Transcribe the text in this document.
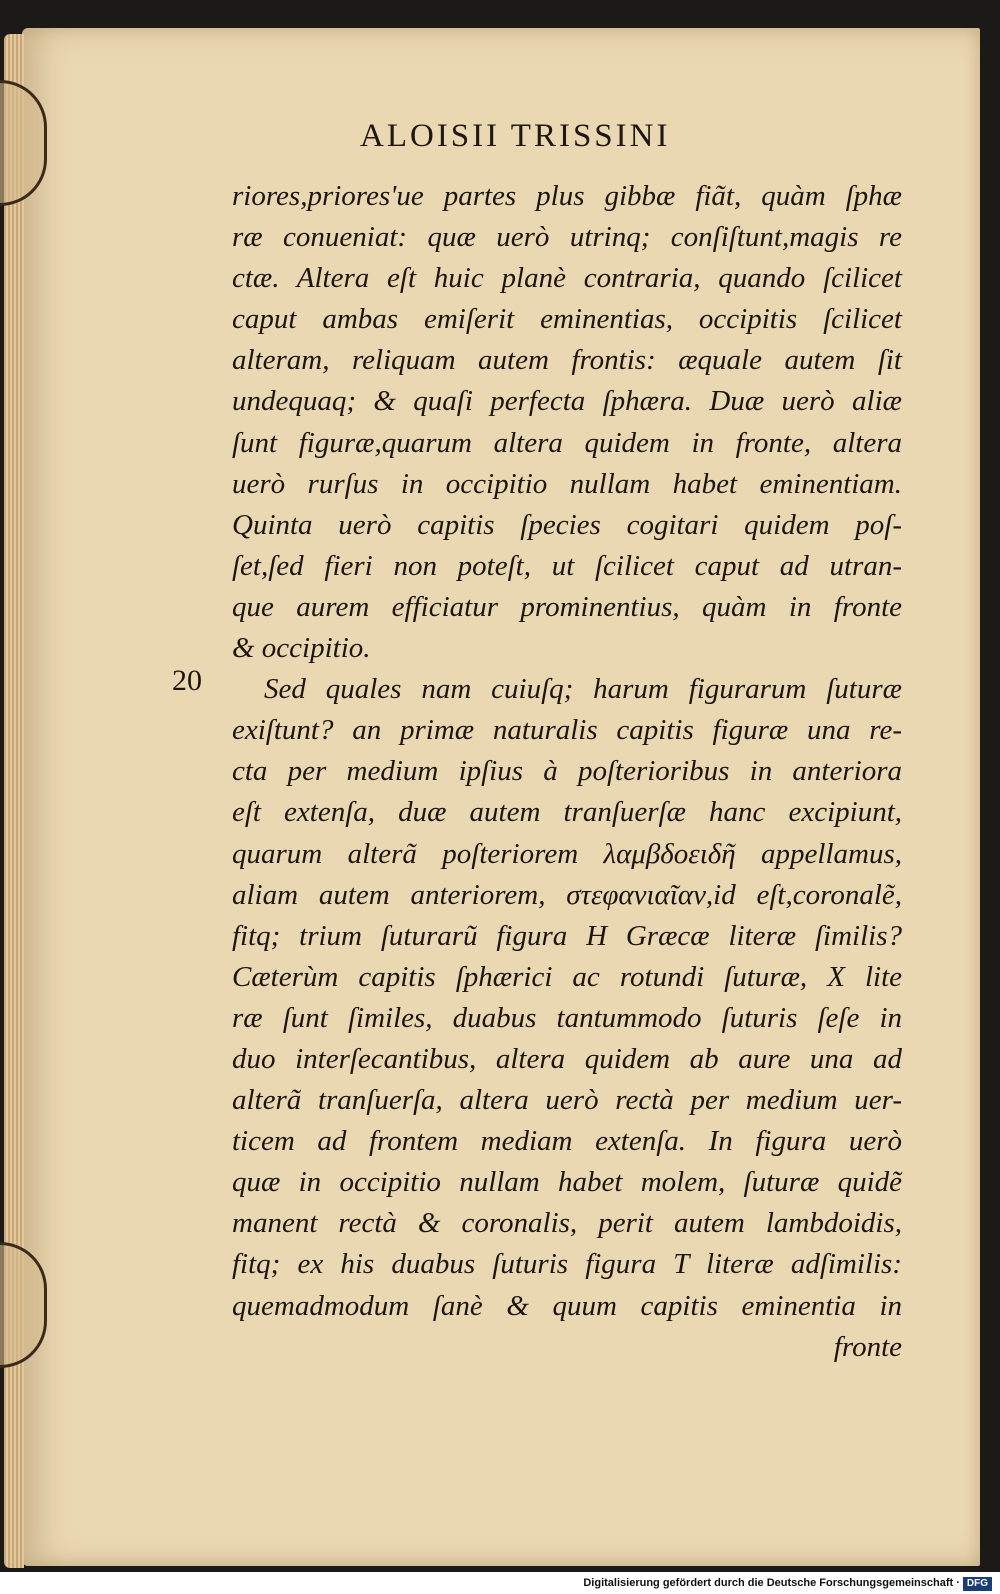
ALOISII TRISSINI
20
riores,priores'ue partes plus gibbæ fiãt, quàm ſphæ
ræ conueniat: quæ uerò utrinq; conſiſtunt,magis re
ctæ. Altera eſt huic planè contraria, quando ſcilicet
caput ambas emiſerit eminentias, occipitis ſcilicet
alteram, reliquam autem frontis: æquale autem ſit
undequaq; & quaſi perfecta ſphæra. Duæ uerò aliæ
ſunt figuræ,quarum altera quidem in fronte, altera
uerò rurſus in occipitio nullam habet eminentiam.
Quinta uerò capitis ſpecies cogitari quidem poſ-
ſet,ſed fieri non poteſt, ut ſcilicet caput ad utran-
que aurem efficiatur prominentius, quàm in fronte
& occipitio.
Sed quales nam cuiuſq; harum figurarum ſuturæ
exiſtunt? an primæ naturalis capitis figuræ una re-
cta per medium ipſius à poſterioribus in anteriora
eſt extenſa, duæ autem tranſuerſæ hanc excipiunt,
quarum alterã poſteriorem λαμβδοειδῆ appellamus,
aliam autem anteriorem, στεφανιαῖαν,id eſt,coronalẽ,
fitq; trium ſuturarũ figura H Græcæ literæ ſimilis?
Cæterùm capitis ſphærici ac rotundi ſuturæ, X lite
ræ ſunt ſimiles, duabus tantummodo ſuturis ſeſe in
duo interſecantibus, altera quidem ab aure una ad
alterã tranſuerſa, altera uerò rectà per medium uer-
ticem ad frontem mediam extenſa. In figura uerò
quæ in occipitio nullam habet molem, ſuturæ quidẽ
manent rectà & coronalis, perit autem lambdoidis,
fitq; ex his duabus ſuturis figura T literæ adſimilis:
quemadmodum ſanè & quum capitis eminentia in
fronte
Digitalisierung gefördert durch die Deutsche Forschungsgemeinschaft · DFG
